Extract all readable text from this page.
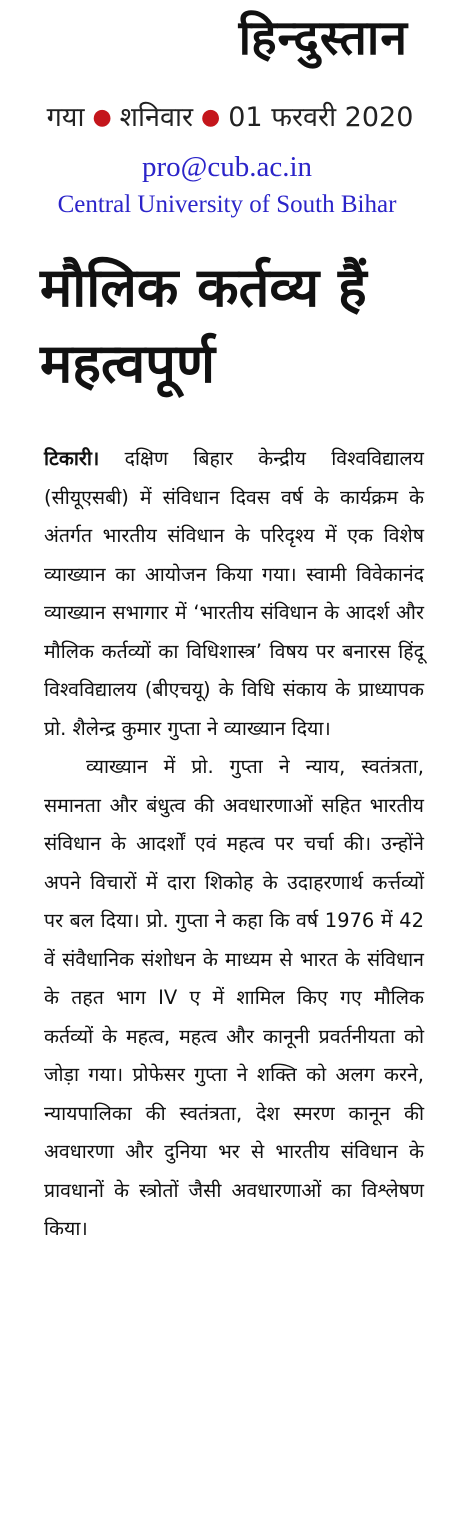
हिन्दुस्तान
गया ● शनिवार ● 01 फरवरी 2020
pro@cub.ac.in
Central University of South Bihar
मौलिक कर्तव्य हैं महत्वपूर्ण

टिकारी। दक्षिण बिहार केन्द्रीय विश्वविद्यालय (सीयूएसबी) में संविधान दिवस वर्ष के कार्यक्रम के अंतर्गत भारतीय संविधान के परिदृश्य में एक विशेष व्याख्यान का आयोजन किया गया। स्वामी विवेकानंद व्याख्यान सभागार में ‘भारतीय संविधान के आदर्श और मौलिक कर्तव्यों का विधिशास्त्र’ विषय पर बनारस हिंदू विश्वविद्यालय (बीएचयू) के विधि संकाय के प्राध्यापक प्रो. शैलेन्द्र कुमार गुप्ता ने व्याख्यान दिया।

व्याख्यान में प्रो. गुप्ता ने न्याय, स्वतंत्रता, समानता और बंधुत्व की अवधारणाओं सहित भारतीय संविधान के आदर्शों एवं महत्व पर चर्चा की। उन्होंने अपने विचारों में दारा शिकोह के उदाहरणार्थ कर्त्तव्यों पर बल दिया। प्रो. गुप्ता ने कहा कि वर्ष 1976 में 42 वें संवैधानिक संशोधन के माध्यम से भारत के संविधान के तहत भाग IV ए में शामिल किए गए मौलिक कर्तव्यों के महत्व, महत्व और कानूनी प्रवर्तनीयता को जोड़ा गया। प्रोफेसर गुप्ता ने शक्ति को अलग करने, न्यायपालिका की स्वतंत्रता, देश स्मरण कानून की अवधारणा और दुनिया भर से भारतीय संविधान के प्रावधानों के स्त्रोतों जैसी अवधारणाओं का विश्लेषण किया।
